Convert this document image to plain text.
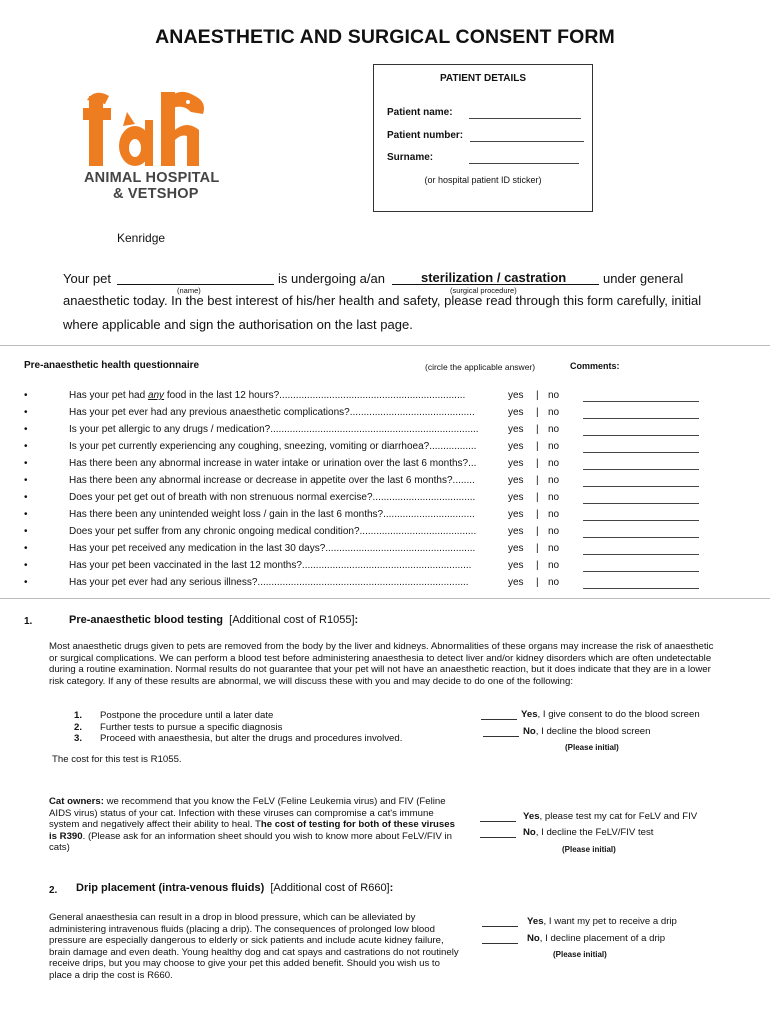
ANAESTHETIC AND SURGICAL CONSENT FORM
ANIMAL HOSPITAL
& VETSHOP
PATIENT DETAILS
Patient name:
Patient number:
Surname:
(or hospital patient ID sticker)
Kenridge
Your pet
(name)
is undergoing a/an	sterilization / castration
(surgical procedure)
under general
anaesthetic today. In the best interest of his/her health and safety, please read through this form carefully, initial
where applicable and sign the authorisation on the last page.
Pre-anaesthetic health questionnaire	(circle the applicable answer)	Comments:
•	Has your pet had any food in the last 12 hours?...................................................................	yes | no
•	Has your pet ever had any previous anaesthetic complications?.............................................	yes | no
•	Is your pet allergic to any drugs / medication?...........................................................................	yes | no
•	Is your pet currently experiencing any coughing, sneezing, vomiting or diarrhoea?.................	yes | no
•	Has there been any abnormal increase in water intake or urination over the last 6 months?...	yes | no
•	Has there been any abnormal increase or decrease in appetite over the last 6 months?........	yes | no
•	Does your pet get out of breath with non strenuous normal exercise?.....................................	yes | no
•	Has there been any unintended weight loss / gain in the last 6 months?.................................	yes | no
•	Does your pet suffer from any chronic ongoing medical condition?..........................................	yes | no
•	Has your pet received any medication in the last 30 days?......................................................	yes | no
•	Has your pet been vaccinated in the last 12 months?.............................................................	yes | no
•	Has your pet ever had any serious illness?............................................................................	yes | no
1.	Pre-anaesthetic blood testing [Additional cost of R1055]:
Most anaesthetic drugs given to pets are removed from the body by the liver and kidneys. Abnormalities of these organs may increase the risk of anaesthetic or surgical complications. We can perform a blood test before administering anaesthesia to detect liver and/or kidney disorders which are often undetectable during a routine examination. Normal results do not guarantee that your pet will not have an anaesthetic reaction, but it does indicate that they are in a lower risk category. If any of these results are abnormal, we will discuss these with you and may decide to do one of the following:
1. Postpone the procedure until a later date
2. Further tests to pursue a specific diagnosis
3. Proceed with anaesthesia, but alter the drugs and procedures involved.
The cost for this test is R1055.
Yes, I give consent to do the blood screen
No, I decline the blood screen
(Please initial)
Cat owners: we recommend that you know the FeLV (Feline Leukemia virus) and FIV (Feline AIDS virus) status of your cat. Infection with these viruses can compromise a cat's immune system and negatively affect their ability to heal. The cost of testing for both of these viruses is R390. (Please ask for an information sheet should you wish to know more about FeLV/FIV in cats)
Yes, please test my cat for FeLV and FIV
No, I decline the FeLV/FIV test
(Please initial)
2. Drip placement (intra-venous fluids) [Additional cost of R660]:
General anaesthesia can result in a drop in blood pressure, which can be alleviated by administering intravenous fluids (placing a drip). The consequences of prolonged low blood pressure are especially dangerous to elderly or sick patients and include acute kidney failure, brain damage and even death. Young healthy dog and cat spays and castrations do not routinely receive drips, but you may choose to give your pet this added benefit. Should you wish us to place a drip the cost is R660.
Yes, I want my pet to receive a drip
No, I decline placement of a drip
(Please initial)
